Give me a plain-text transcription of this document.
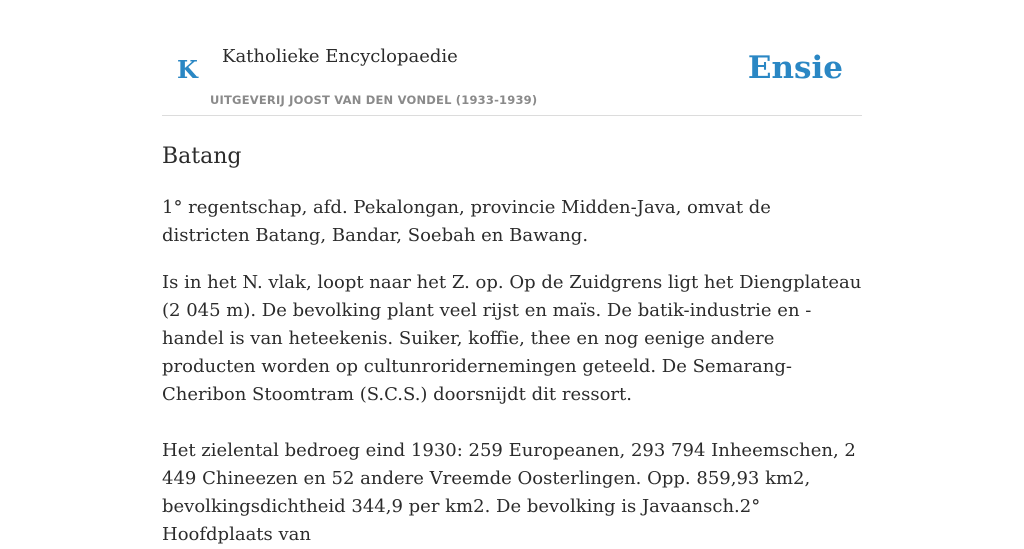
K Katholieke Encyclopaedie
UITGEVERIJ JOOST VAN DEN VONDEL (1933-1939)
Ensie
Batang

1° regentschap, afd. Pekalongan, provincie Midden-Java, omvat de districten Batang, Bandar, Soebah en Bawang.

Is in het N. vlak, loopt naar het Z. op. Op de Zuidgrens ligt het Diengplateau (2 045 m). De bevolking plant veel rijst en maïs. De batik-industrie en -handel is van heteekenis. Suiker, koffie, thee en nog eenige andere producten worden op cultunroridernemingen geteeld. De Semarang-Cheribon Stoomtram (S.C.S.) doorsnijdt dit ressort.

Het zielental bedroeg eind 1930: 259 Europeanen, 293 794 Inheemschen, 2 449 Chineezen en 52 andere Vreemde Oosterlingen. Opp. 859,93 km2, bevolkingsdichtheid 344,9 per km2. De bevolking is Javaansch.2° Hoofdplaats van
